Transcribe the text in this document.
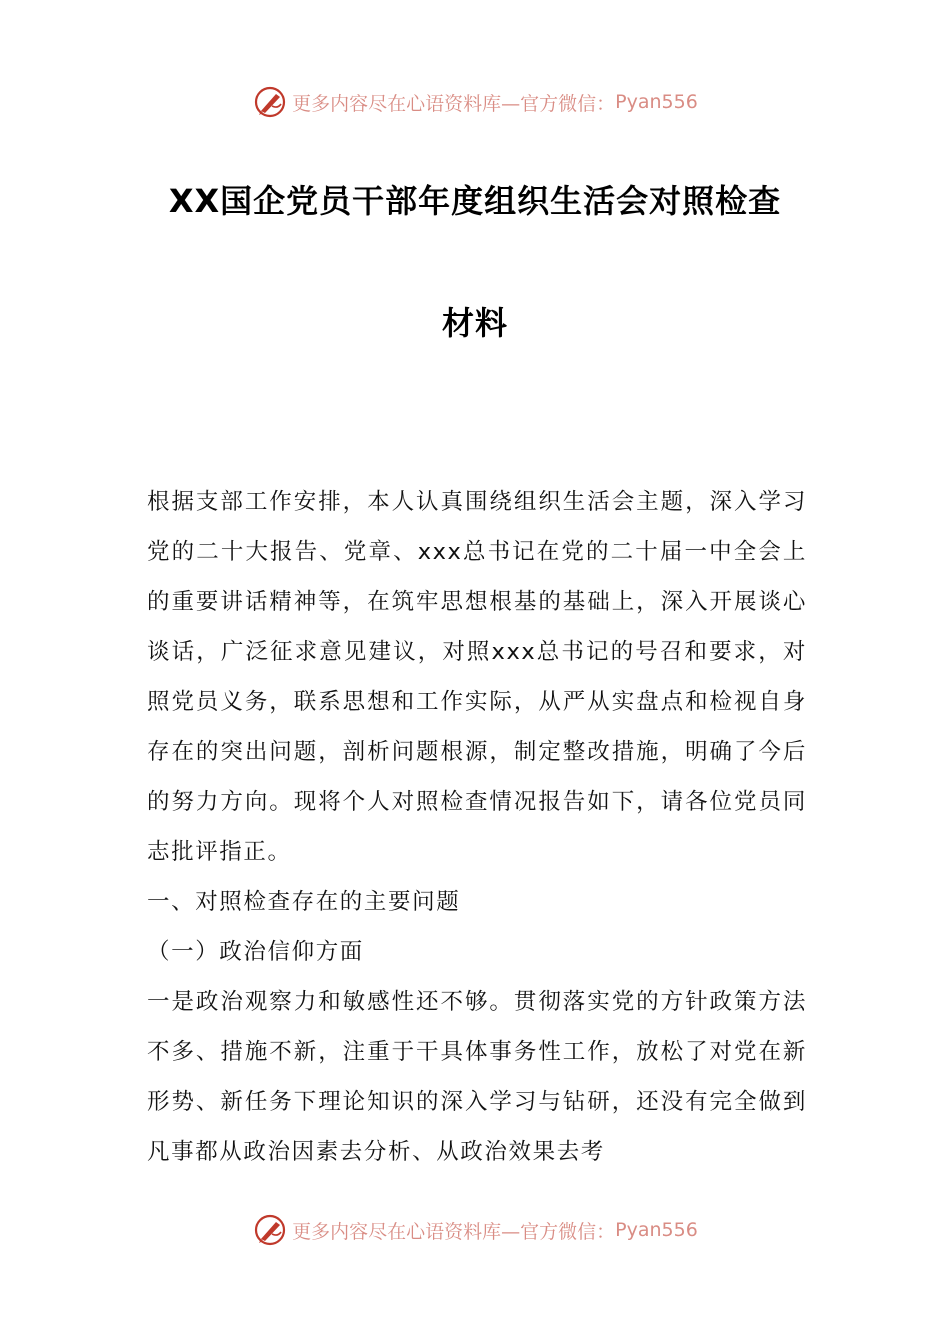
更多内容尽在心语资料库—官方微信： Pyan556
XX国企党员干部年度组织生活会对照检查
材料

根据支部工作安排，本人认真围绕组织生活会主题，深入学习党的二十大报告、党章、xxx总书记在党的二十届一中全会上的重要讲话精神等，在筑牢思想根基的基础上，深入开展谈心谈话，广泛征求意见建议，对照xxx总书记的号召和要求，对照党员义务，联系思想和工作实际，从严从实盘点和检视自身存在的突出问题，剖析问题根源，制定整改措施，明确了今后的努力方向。现将个人对照检查情况报告如下，请各位党员同志批评指正。

一、对照检查存在的主要问题

（一）政治信仰方面

一是政治观察力和敏感性还不够。贯彻落实党的方针政策方法不多、措施不新，注重于干具体事务性工作，放松了对党在新形势、新任务下理论知识的深入学习与钻研，还没有完全做到凡事都从政治因素去分析、从政治效果去考

更多内容尽在心语资料库—官方微信： Pyan556
